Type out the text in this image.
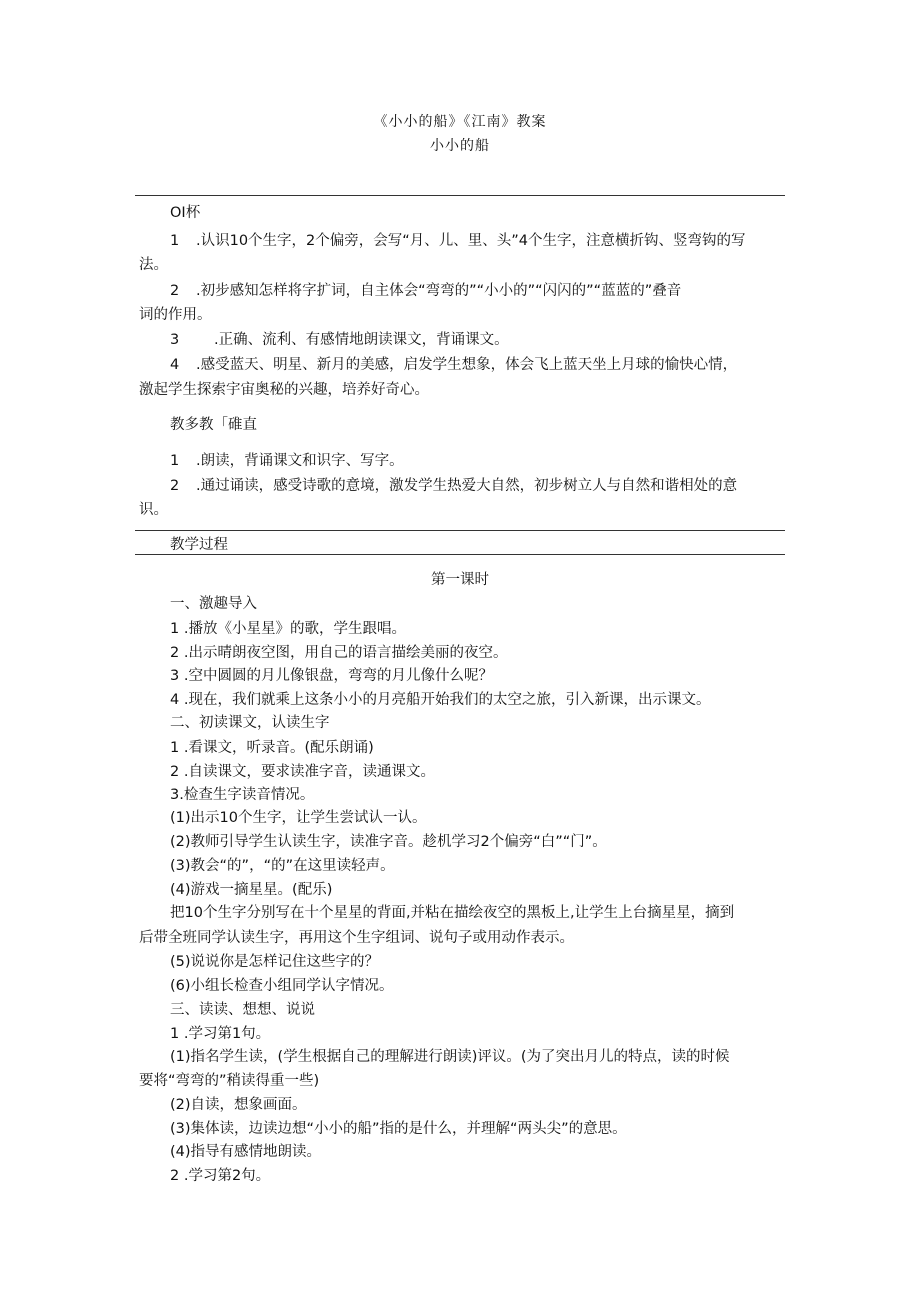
《小小的船》《江南》教案
小小的船
OI杯
1 .认识10个生字，2个偏旁，会写“月、儿、里、头”4个生字，注意横折钩、竖弯钩的写
法。
2 .初步感知怎样将字扩词，自主体会“弯弯的”“小小的”“闪闪的”“蓝蓝的”叠音
词的作用。
3 .正确、流利、有感情地朗读课文，背诵课文。
4 .感受蓝天、明星、新月的美感，启发学生想象，体会飞上蓝天坐上月球的愉快心情，
激起学生探索宇宙奥秘的兴趣，培养好奇心。
教多教「碓直
1 .朗读，背诵课文和识字、写字。
2 .通过诵读，感受诗歌的意境，激发学生热爱大自然，初步树立人与自然和谐相处的意
识。
教学过程
第一课时
一、激趣导入
1 .播放《小星星》的歌，学生跟唱。
2 .出示晴朗夜空图，用自己的语言描绘美丽的夜空。
3 .空中圆圆的月儿像银盘，弯弯的月儿像什么呢？
4 .现在，我们就乘上这条小小的月亮船开始我们的太空之旅，引入新课，出示课文。
二、初读课文，认读生字
1 .看课文，听录音。(配乐朗诵)
2 .自读课文，要求读准字音，读通课文。
3.检查生字读音情况。
(1)出示10个生字，让学生尝试认一认。
(2)教师引导学生认读生字，读准字音。趁机学习2个偏旁“白”“门”。
(3)教会“的”，“的”在这里读轻声。
(4)游戏一摘星星。(配乐)
把10个生字分别写在十个星星的背面,并粘在描绘夜空的黑板上,让学生上台摘星星，摘到
后带全班同学认读生字，再用这个生字组词、说句子或用动作表示。
(5)说说你是怎样记住这些字的？
(6)小组长检查小组同学认字情况。
三、读读、想想、说说
1 .学习第1句。
(1)指名学生读，(学生根据自己的理解进行朗读)评议。(为了突出月儿的特点，读的时候
要将“弯弯的”稍读得重一些)
(2)自读，想象画面。
(3)集体读，边读边想“小小的船”指的是什么，并理解“两头尖”的意思。
(4)指导有感情地朗读。
2 .学习第2句。
